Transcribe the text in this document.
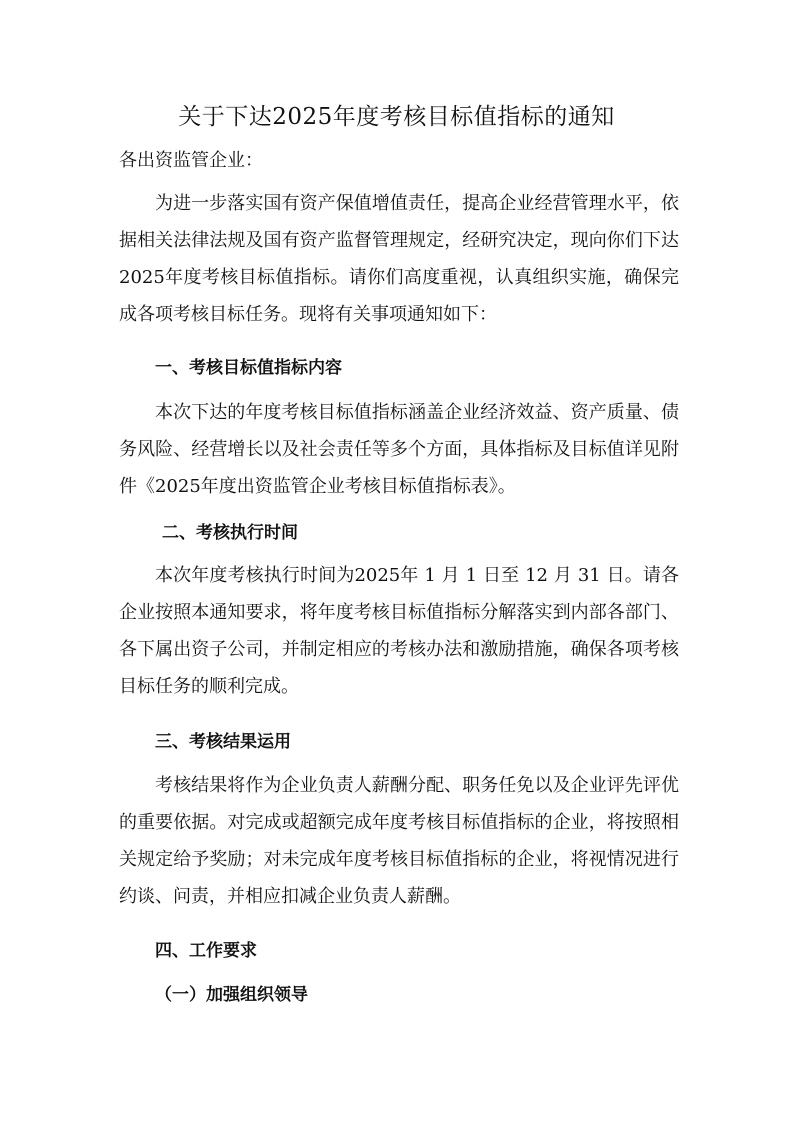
关于下达2025年度考核目标值指标的通知
各出资监管企业：

为进一步落实国有资产保值增值责任，提高企业经营管理水平，依据相关法律法规及国有资产监督管理规定，经研究决定，现向你们下达2025年度考核目标值指标。请你们高度重视，认真组织实施，确保完成各项考核目标任务。现将有关事项通知如下：

一、考核目标值指标内容

本次下达的年度考核目标值指标涵盖企业经济效益、资产质量、债务风险、经营增长以及社会责任等多个方面，具体指标及目标值详见附件《2025年度出资监管企业考核目标值指标表》。

二、考核执行时间

本次年度考核执行时间为2025年 1 月 1 日至 12 月 31 日。请各企业按照本通知要求，将年度考核目标值指标分解落实到内部各部门、各下属出资子公司，并制定相应的考核办法和激励措施，确保各项考核目标任务的顺利完成。

三、考核结果运用

考核结果将作为企业负责人薪酬分配、职务任免以及企业评先评优的重要依据。对完成或超额完成年度考核目标值指标的企业，将按照相关规定给予奖励；对未完成年度考核目标值指标的企业，将视情况进行约谈、问责，并相应扣减企业负责人薪酬。

四、工作要求
（一）加强组织领导
